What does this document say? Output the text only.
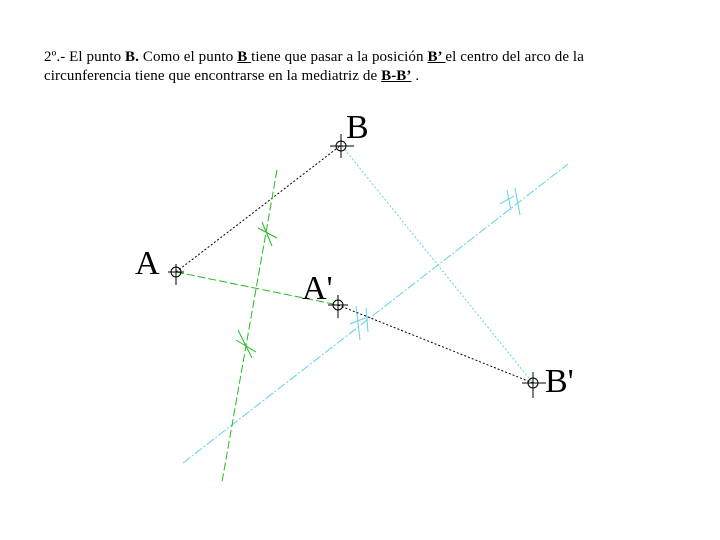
2º.- El punto B. Como el punto B tiene que pasar a la posición B’ el centro del arco de la
circunferencia tiene que encontrarse en la mediatriz de B-B’ .
A
A'
B
B'
